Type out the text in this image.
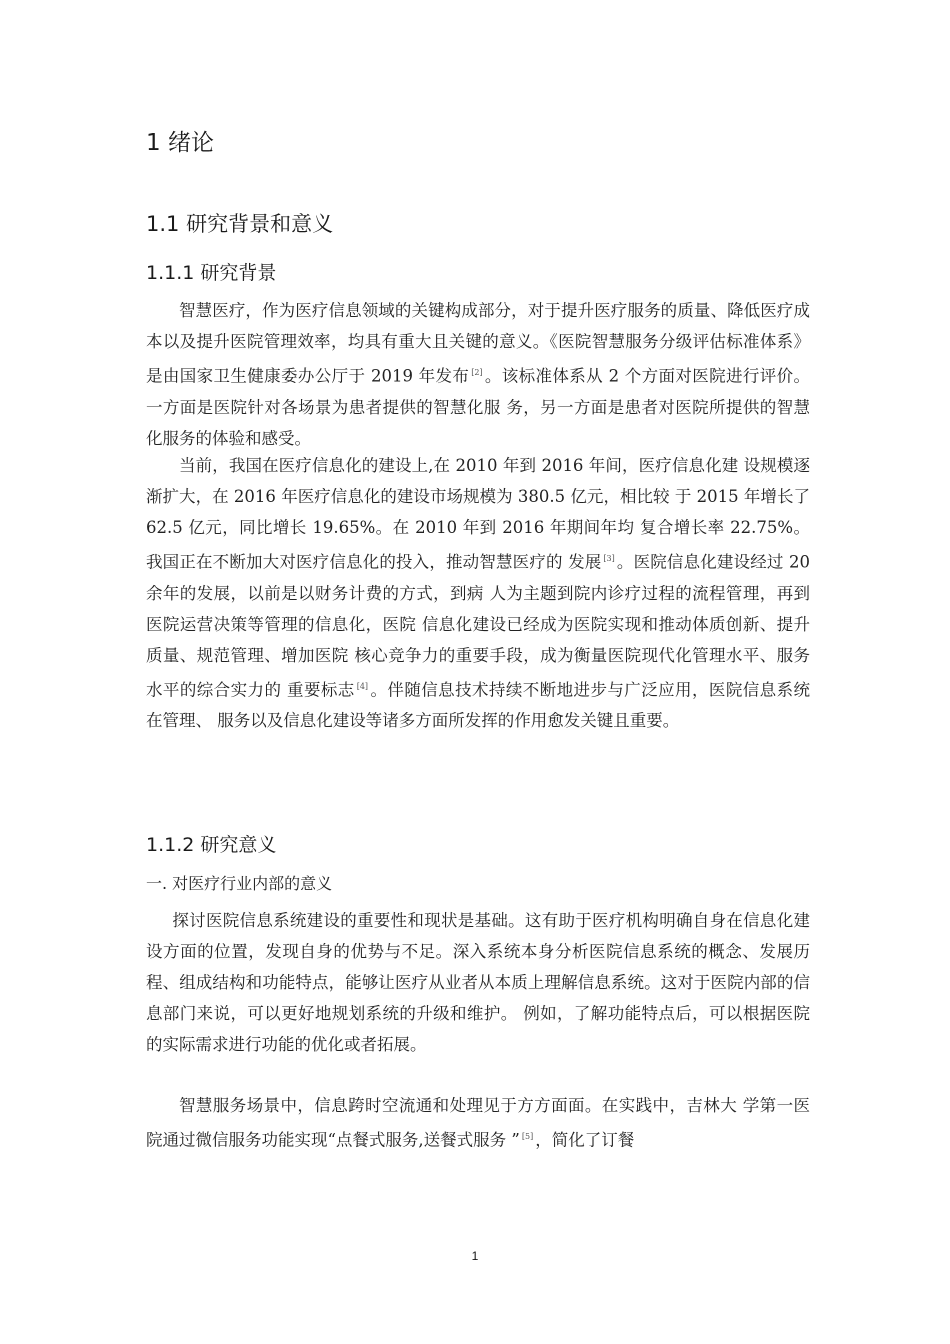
1 绪论
1.1 研究背景和意义
1.1.1 研究背景

智慧医疗，作为医疗信息领域的关键构成部分，对于提升医疗服务的质量、降低医疗成本以及提升医院管理效率，均具有重大且关键的意义。《医院智慧服务分级评估标准体系》是由国家卫生健康委办公厅于 2019 年发布 [2] 。该标准体系从 2 个方面对医院进行评价。一方面是医院针对各场景为患者提供的智慧化服 务，另一方面是患者对医院所提供的智慧化服务的体验和感受。

当前，我国在医疗信息化的建设上,在 2010 年到 2016 年间，医疗信息化建 设规模逐渐扩大，在 2016 年医疗信息化的建设市场规模为 380.5 亿元，相比较 于 2015 年增长了 62.5 亿元，同比增长 19.65%。在 2010 年到 2016 年期间年均 复合增长率 22.75%。我国正在不断加大对医疗信息化的投入，推动智慧医疗的 发展 [3] 。医院信息化建设经过 20 余年的发展，以前是以财务计费的方式，到病 人为主题到院内诊疗过程的流程管理，再到医院运营决策等管理的信息化，医院 信息化建设已经成为医院实现和推动体质创新、提升质量、规范管理、增加医院 核心竞争力的重要手段，成为衡量医院现代化管理水平、服务水平的综合实力的 重要标志 [4] 。伴随信息技术持续不断地进步与广泛应用，医院信息系统在管理、 服务以及信息化建设等诸多方面所发挥的作用愈发关键且重要。

1.1.2 研究意义
一. 对医疗行业内部的意义

探讨医院信息系统建设的重要性和现状是基础。这有助于医疗机构明确自身在信息化建设方面的位置，发现自身的优势与不足。深入系统本身分析医院信息系统的概念、发展历程、组成结构和功能特点，能够让医疗从业者从本质上理解信息系统。这对于医院内部的信息部门来说，可以更好地规划系统的升级和维护。 例如，了解功能特点后，可以根据医院的实际需求进行功能的优化或者拓展。

智慧服务场景中，信息跨时空流通和处理见于方方面面。在实践中，吉林大 学第一医院通过微信服务功能实现“点餐式服务,送餐式服务 ” [5] ，简化了订餐

1
